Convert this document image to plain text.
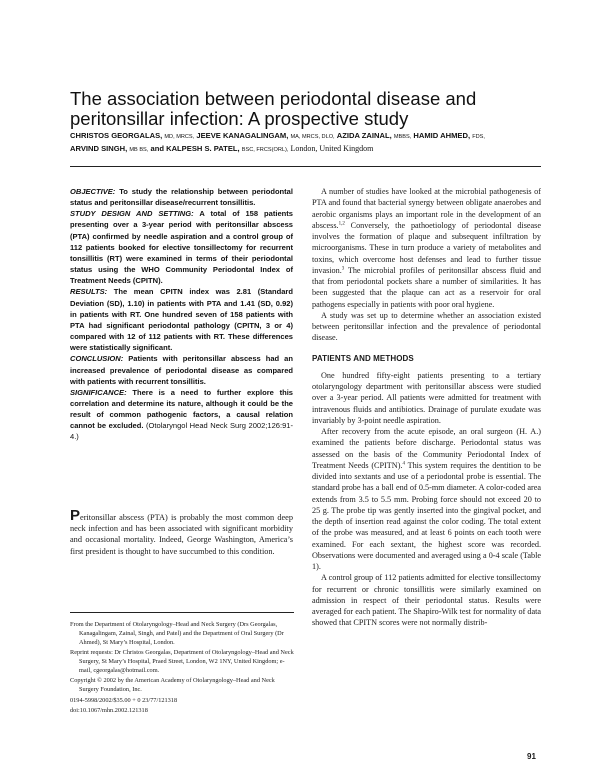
The association between periodontal disease and peritonsillar infection: A prospective study
CHRISTOS GEORGALAS, MD, MRCS, JEEVE KANAGALINGAM, MA, MRCS, DLO, AZIDA ZAINAL, MBBS, HAMID AHMED, FDS,
ARVIND SINGH, MB BS, and KALPESH S. PATEL, BSC, FRCS(ORL), London, United Kingdom

OBJECTIVE: To study the relationship between periodontal status and peritonsillar disease/recurrent tonsillitis.

STUDY DESIGN AND SETTING: A total of 158 patients presenting over a 3-year period with peritonsillar abscess (PTA) confirmed by needle aspiration and a control group of 112 patients booked for elective tonsillectomy for recurrent tonsillitis (RT) were examined in terms of their periodontal status using the WHO Community Periodontal Index of Treatment Needs (CPITN).

RESULTS: The mean CPITN index was 2.81 (Standard Deviation (SD), 1.10) in patients with PTA and 1.41 (SD, 0.92) in patients with RT. One hundred seven of 158 patients with PTA had significant periodontal pathology (CPITN, 3 or 4) compared with 12 of 112 patients with RT. These differences were statistically significant.

CONCLUSION: Patients with peritonsillar abscess had an increased prevalence of periodontal disease as compared with patients with recurrent tonsillitis.

SIGNIFICANCE: There is a need to further explore this correlation and determine its nature, although it could be the result of common pathogenic factors, a causal relation cannot be excluded. (Otolaryngol Head Neck Surg 2002;126:91-4.)

Peritonsillar abscess (PTA) is probably the most common deep neck infection and has been associated with significant morbidity and occasional mortality. Indeed, George Washington, America’s first president is thought to have succumbed to this condition.

From the Department of Otolaryngology–Head and Neck Surgery (Drs Georgalas, Kanagalingam, Zainal, Singh, and Patel) and the Department of Oral Surgery (Dr Ahmed), St Mary’s Hospital, London.

Reprint requests: Dr Christos Georgalas, Department of Otolaryngology–Head and Neck Surgery, St Mary’s Hospital, Praed Street, London, W2 1NY, United Kingdom; e-mail, cgeorgalas@hotmail.com.

Copyright © 2002 by the American Academy of Otolaryngology–Head and Neck Surgery Foundation, Inc.

0194-5998/2002/$35.00 + 0 23/77/121318

doi:10.1067/mhn.2002.121318

A number of studies have looked at the microbial pathogenesis of PTA and found that bacterial synergy between obligate anaerobes and aerobic organisms plays an important role in the development of an abscess.$^{1,2}$ Conversely, the pathoetiology of periodontal disease involves the formation of plaque and subsequent infiltration by microorganisms. These in turn produce a variety of metabolites and toxins, which overcome host defenses and lead to further tissue invasion.$^3$ The microbial profiles of peritonsillar abscess fluid and that from periodontal pockets share a number of similarities. It has been suggested that the plaque can act as a reservoir for oral pathogens especially in patients with poor oral hygiene.

A study was set up to determine whether an association existed between peritonsillar infection and the prevalence of periodontal disease.

PATIENTS AND METHODS

One hundred fifty-eight patients presenting to a tertiary otolaryngology department with peritonsillar abscess were studied over a 3-year period. All patients were admitted for treatment with intravenous fluids and antibiotics. Drainage of purulate exudate was invariably by 3-point needle aspiration.

After recovery from the acute episode, an oral surgeon (H. A.) examined the patients before discharge. Periodontal status was assessed on the basis of the Community Periodontal Index of Treatment Needs (CPITN).$^4$ This system requires the dentition to be divided into sextants and use of a periodontal probe is essential. The standard probe has a ball end of 0.5-mm diameter. A color-coded area extends from 3.5 to 5.5 mm. Probing force should not exceed 20 to 25 g. The probe tip was gently inserted into the gingival pocket, and the depth of insertion read against the color coding. The total extent of the probe was measured, and at least 6 points on each tooth were examined. For each sextant, the highest score was recorded. Observations were documented and averaged using a 0-4 scale (Table 1).

A control group of 112 patients admitted for elective tonsillectomy for recurrent or chronic tonsillitis were similarly examined on admission in respect of their periodontal status. Results were averaged for each patient. The Shapiro-Wilk test for normality of data showed that CPITN scores were not normally distrib-

91
